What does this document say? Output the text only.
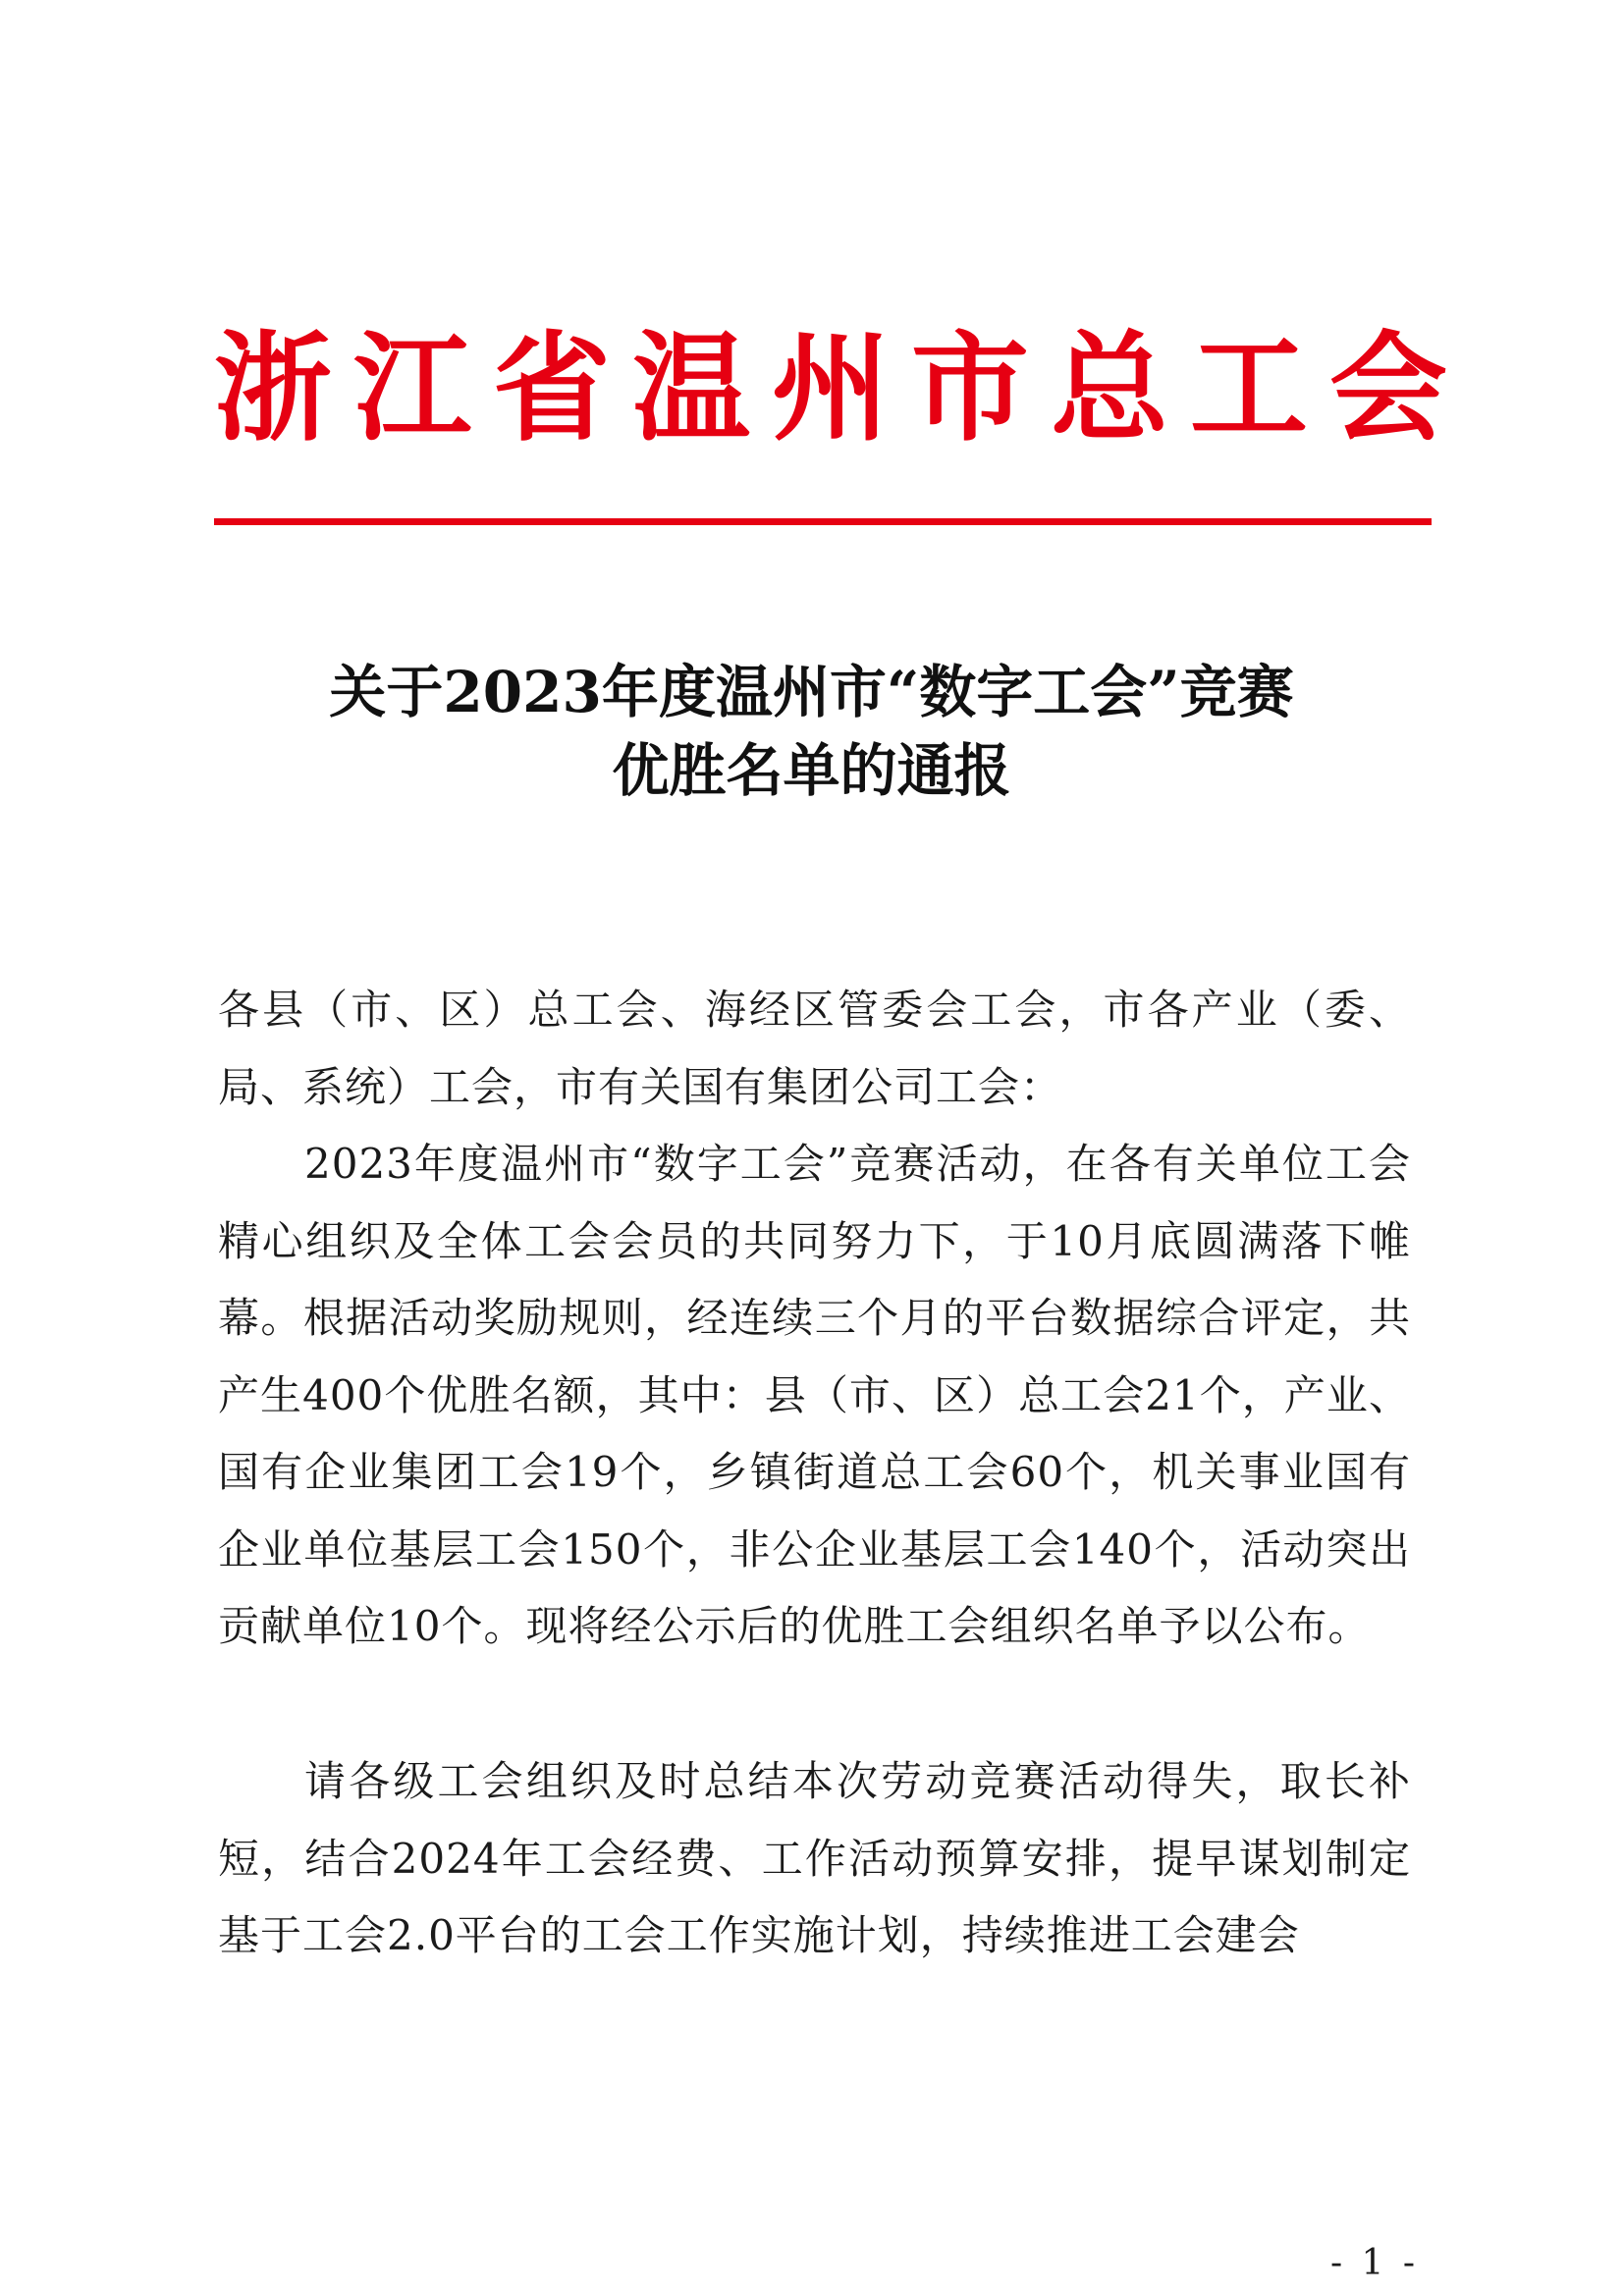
浙江省温州市总工会
关于2023年度温州市“数字工会”竞赛
优胜名单的通报

各县（市、区）总工会、海经区管委会工会，市各产业（委、局、系统）工会，市有关国有集团公司工会：

2023年度温州市“数字工会”竞赛活动，在各有关单位工会精心组织及全体工会会员的共同努力下，于10月底圆满落下帷幕。根据活动奖励规则，经连续三个月的平台数据综合评定，共产生400个优胜名额，其中：县（市、区）总工会21个，产业、国有企业集团工会19个，乡镇街道总工会60个，机关事业国有企业单位基层工会150个，非公企业基层工会140个，活动突出贡献单位10个。现将经公示后的优胜工会组织名单予以公布。

请各级工会组织及时总结本次劳动竞赛活动得失，取长补短，结合2024年工会经费、工作活动预算安排，提早谋划制定基于工会2.0平台的工会工作实施计划，持续推进工会建会

- 1 -
